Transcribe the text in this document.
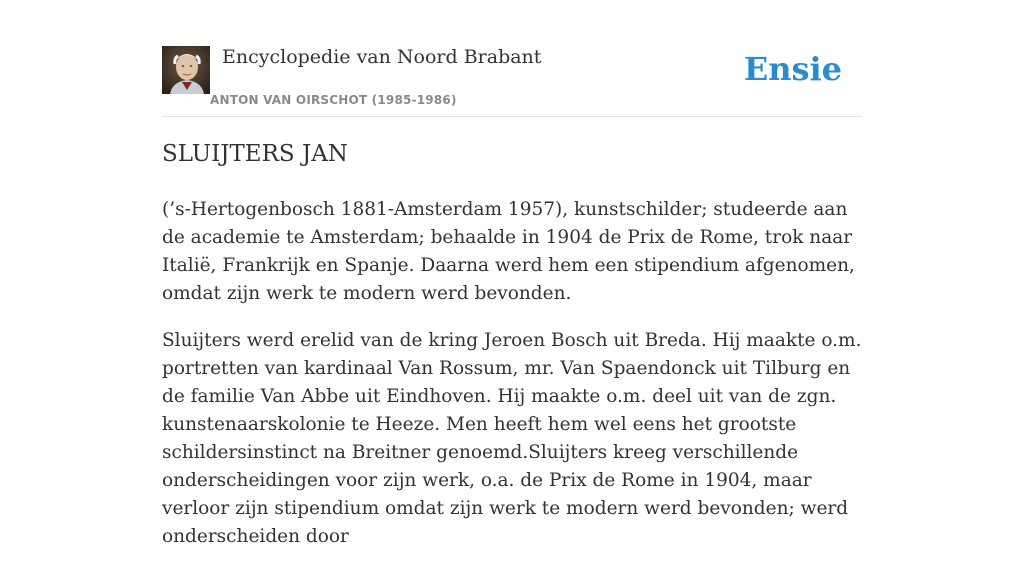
Encyclopedie van Noord Brabant
ANTON VAN OIRSCHOT (1985-1986)
Ensie
SLUIJTERS JAN

(’s-Hertogenbosch 1881-Amsterdam 1957), kunstschilder; studeerde aan de academie te Amsterdam; behaalde in 1904 de Prix de Rome, trok naar Italië, Frankrijk en Spanje. Daarna werd hem een stipendium afgenomen, omdat zijn werk te modern werd bevonden.

Sluijters werd erelid van de kring Jeroen Bosch uit Breda. Hij maakte o.m. portretten van kardinaal Van Rossum, mr. Van Spaendonck uit Tilburg en de familie Van Abbe uit Eindhoven. Hij maakte o.m. deel uit van de zgn. kunstenaarskolonie te Heeze. Men heeft hem wel eens het grootste schildersinstinct na Breitner genoemd.Sluijters kreeg verschillende onderscheidingen voor zijn werk, o.a. de Prix de Rome in 1904, maar verloor zijn stipendium omdat zijn werk te modern werd bevonden; werd onderscheiden door
